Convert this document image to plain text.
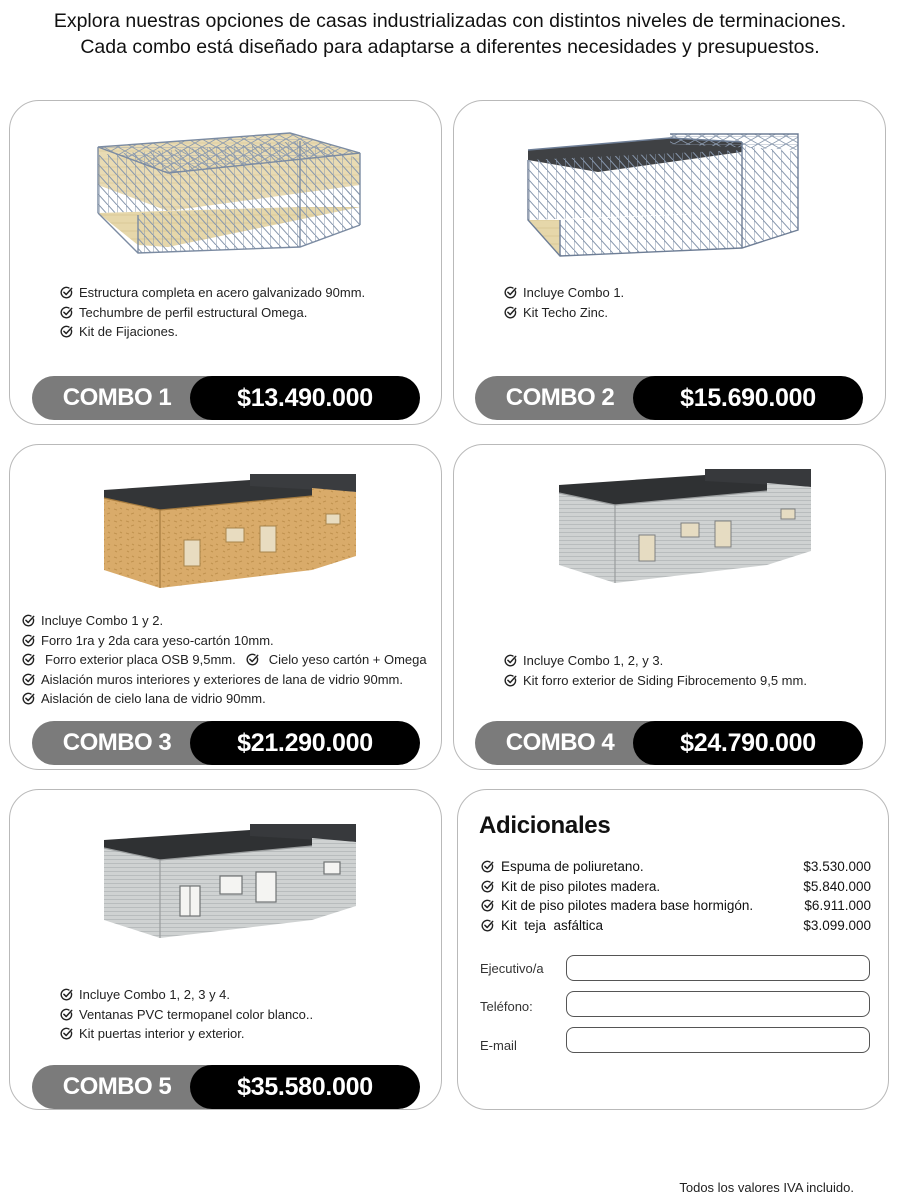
Explora nuestras opciones de casas industrializadas con distintos niveles de terminaciones.
Cada combo está diseñado para adaptarse a diferentes necesidades y presupuestos.
Estructura completa en acero galvanizado 90mm.
Techumbre de perfil estructural Omega.
Kit de Fijaciones.
COMBO 1	$13.490.000
Incluye Combo 1.
Kit Techo Zinc.
COMBO 2	$15.690.000
Incluye Combo 1 y 2.
Forro 1ra y 2da cara yeso-cartón 10mm.
Forro exterior placa OSB 9,5mm.	Cielo yeso cartón + Omega
Aislación muros interiores y exteriores de lana de vidrio 90mm.
Aislación de cielo lana de vidrio 90mm.
COMBO 3	$21.290.000
Incluye Combo 1, 2, y 3.
Kit forro exterior de Siding Fibrocemento 9,5 mm.
COMBO 4	$24.790.000
Incluye Combo 1, 2, 3 y 4.
Ventanas PVC termopanel color blanco..
Kit puertas interior y exterior.
COMBO 5	$35.580.000
Adicionales
Espuma de poliuretano.	$3.530.000
Kit de piso pilotes madera.	$5.840.000
Kit de piso pilotes madera base hormigón.	$6.911.000
Kit  teja  asfáltica	$3.099.000
Ejecutivo/a
Teléfono:
E-mail
Todos los valores IVA incluido.
